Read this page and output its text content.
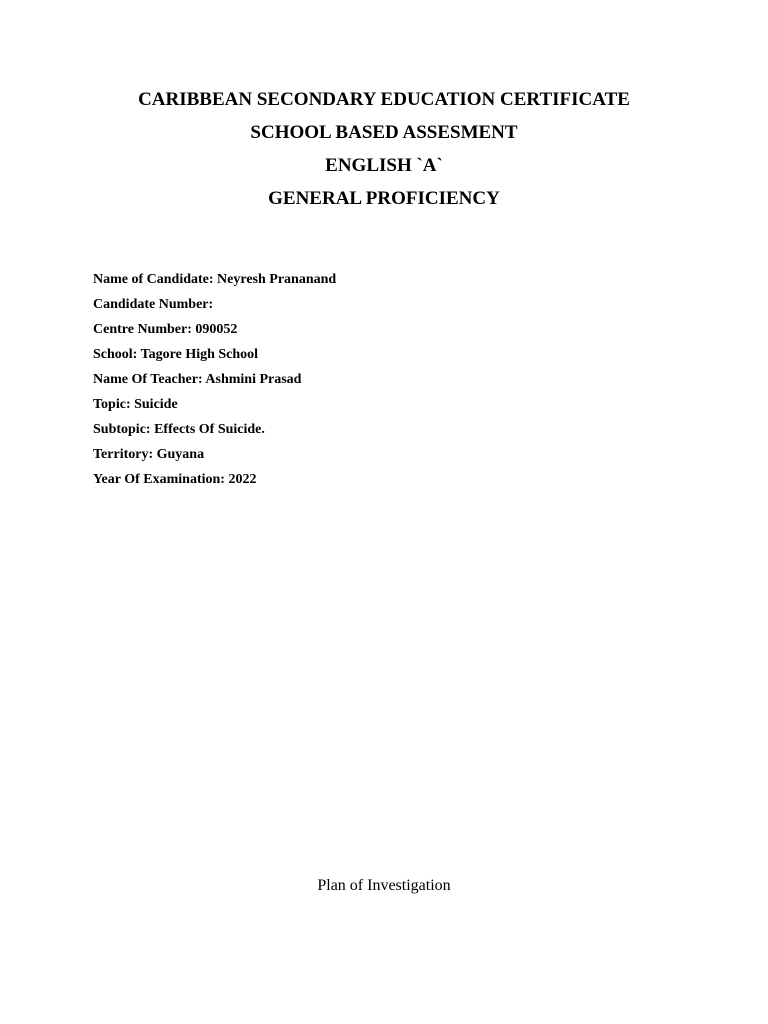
CARIBBEAN SECONDARY EDUCATION CERTIFICATE
SCHOOL BASED ASSESMENT
ENGLISH `A`
GENERAL PROFICIENCY
Name of Candidate: Neyresh Prananand
Candidate Number:
Centre Number: 090052
School: Tagore High School
Name Of Teacher: Ashmini Prasad
Topic: Suicide
Subtopic: Effects Of Suicide.
Territory: Guyana
Year Of Examination: 2022
Plan of Investigation
